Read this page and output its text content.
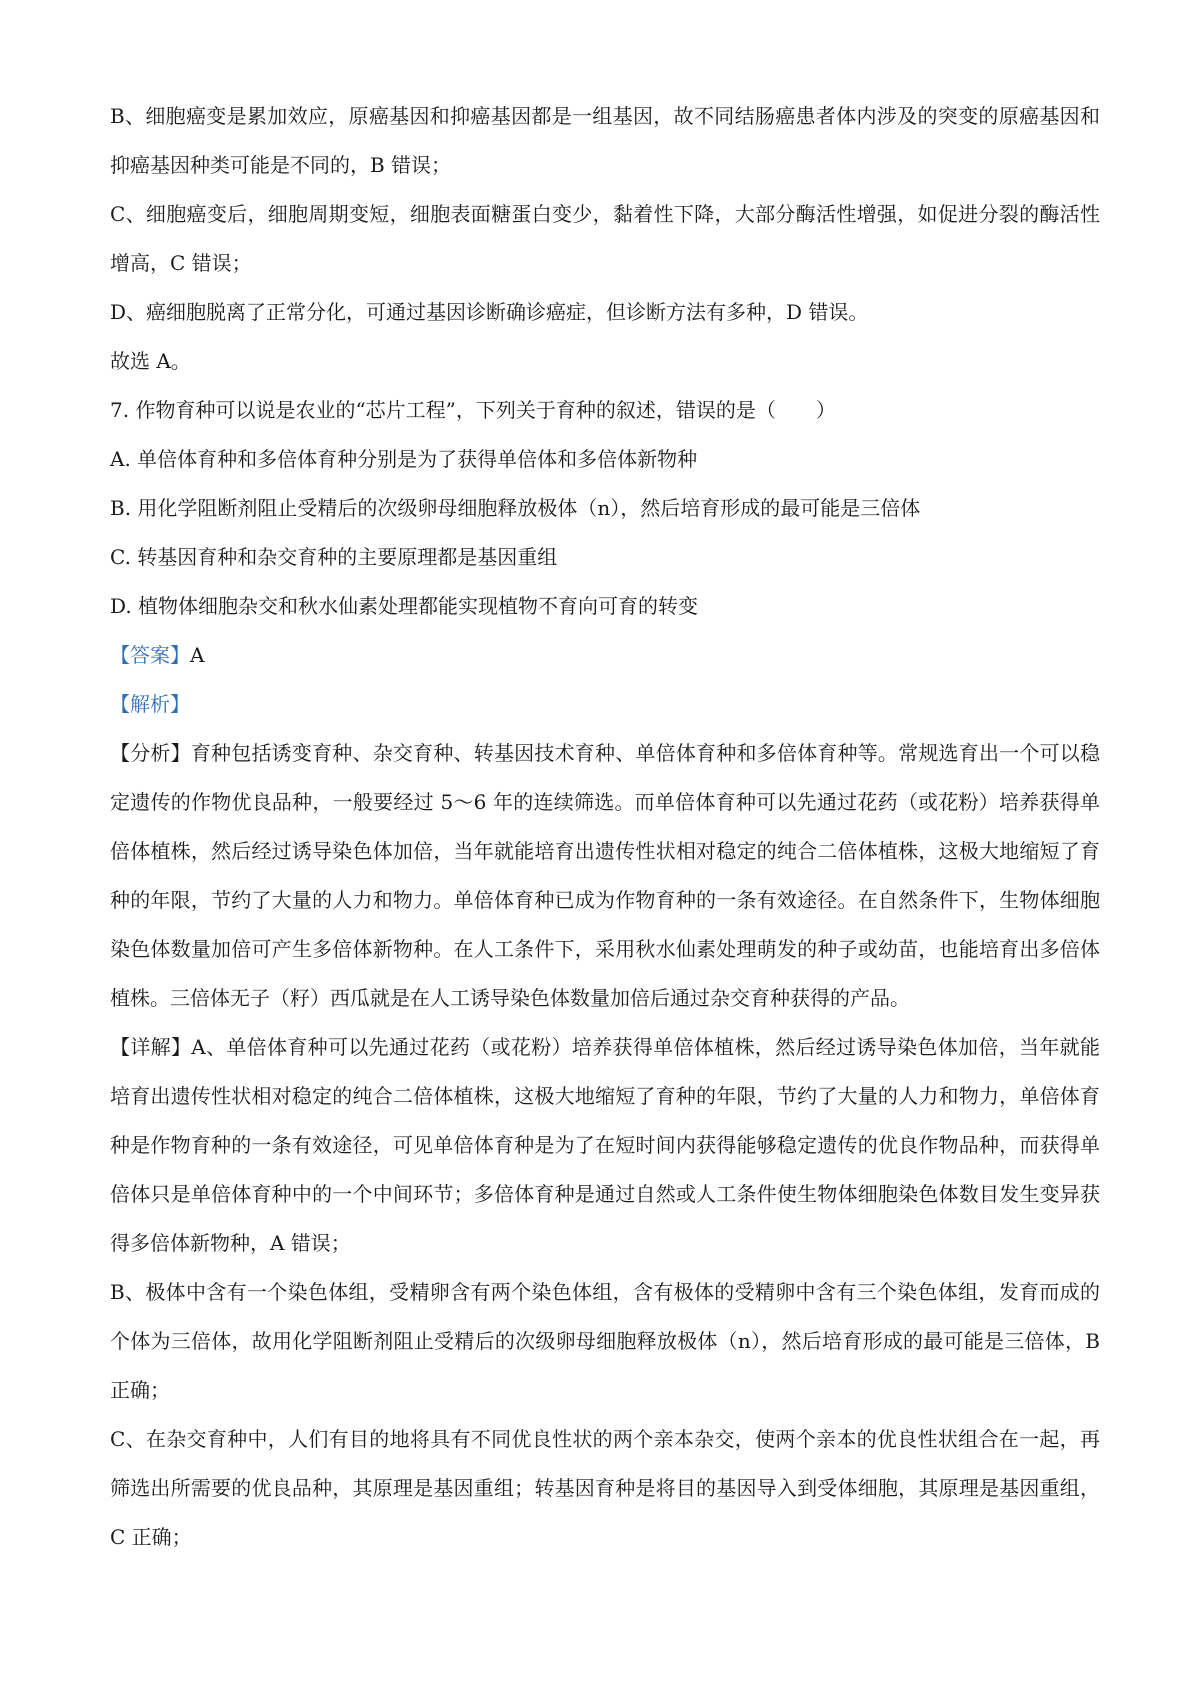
B、细胞癌变是累加效应，原癌基因和抑癌基因都是一组基因，故不同结肠癌患者体内涉及的突变的原癌基因和抑癌基因种类可能是不同的，B 错误；

C、细胞癌变后，细胞周期变短，细胞表面糖蛋白变少，黏着性下降，大部分酶活性增强，如促进分裂的酶活性增高，C 错误；

D、癌细胞脱离了正常分化，可通过基因诊断确诊癌症，但诊断方法有多种，D 错误。

故选 A。

7. 作物育种可以说是农业的“芯片工程”，下列关于育种的叙述，错误的是（　　）

A. 单倍体育种和多倍体育种分别是为了获得单倍体和多倍体新物种

B. 用化学阻断剂阻止受精后的次级卵母细胞释放极体（n），然后培育形成的最可能是三倍体

C. 转基因育种和杂交育种的主要原理都是基因重组

D. 植物体细胞杂交和秋水仙素处理都能实现植物不育向可育的转变

【答案】A

【解析】

【分析】育种包括诱变育种、杂交育种、转基因技术育种、单倍体育种和多倍体育种等。常规选育出一个可以稳定遗传的作物优良品种，一般要经过 5〜6 年的连续筛选。而单倍体育种可以先通过花药（或花粉）培养获得单倍体植株，然后经过诱导染色体加倍，当年就能培育出遗传性状相对稳定的纯合二倍体植株，这极大地缩短了育种的年限，节约了大量的人力和物力。单倍体育种已成为作物育种的一条有效途径。在自然条件下，生物体细胞染色体数量加倍可产生多倍体新物种。在人工条件下，采用秋水仙素处理萌发的种子或幼苗，也能培育出多倍体植株。三倍体无子（籽）西瓜就是在人工诱导染色体数量加倍后通过杂交育种获得的产品。

【详解】A、单倍体育种可以先通过花药（或花粉）培养获得单倍体植株，然后经过诱导染色体加倍，当年就能培育出遗传性状相对稳定的纯合二倍体植株，这极大地缩短了育种的年限，节约了大量的人力和物力，单倍体育种是作物育种的一条有效途径，可见单倍体育种是为了在短时间内获得能够稳定遗传的优良作物品种，而获得单倍体只是单倍体育种中的一个中间环节；多倍体育种是通过自然或人工条件使生物体细胞染色体数目发生变异获得多倍体新物种，A 错误；

B、极体中含有一个染色体组，受精卵含有两个染色体组，含有极体的受精卵中含有三个染色体组，发育而成的个体为三倍体，故用化学阻断剂阻止受精后的次级卵母细胞释放极体（n），然后培育形成的最可能是三倍体，B 正确；

C、在杂交育种中，人们有目的地将具有不同优良性状的两个亲本杂交，使两个亲本的优良性状组合在一起，再筛选出所需要的优良品种，其原理是基因重组；转基因育种是将目的基因导入到受体细胞，其原理是基因重组，C 正确；
